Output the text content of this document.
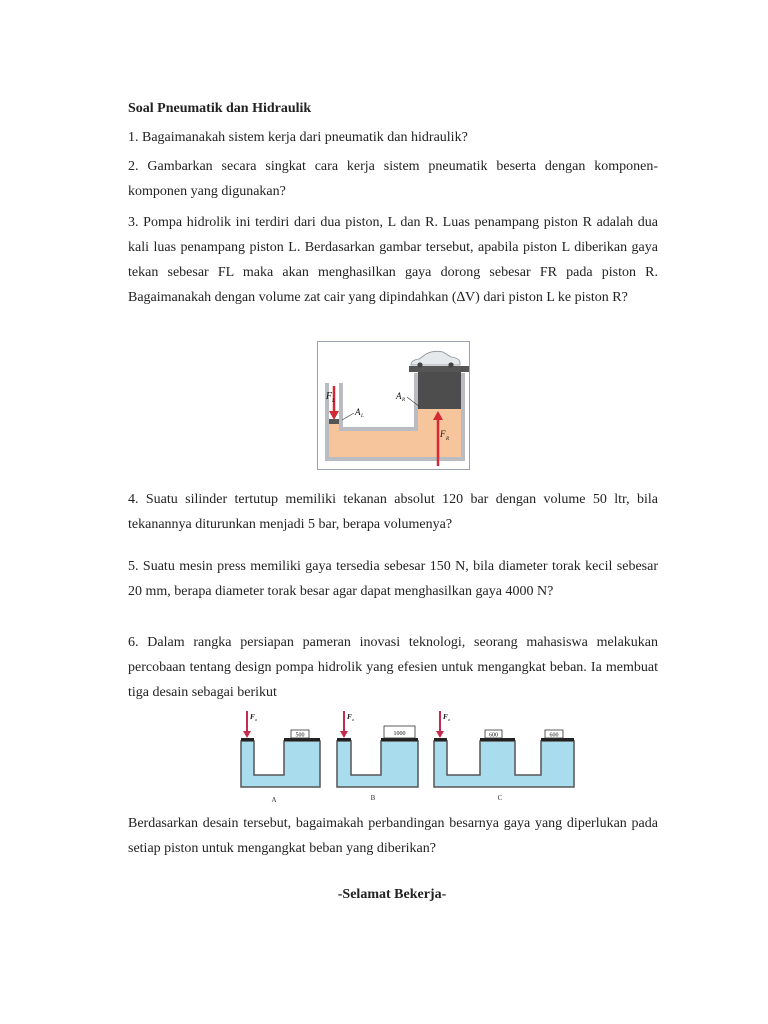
Soal Pneumatik dan Hidraulik
1. Bagaimanakah sistem kerja dari pneumatik dan hidraulik?
2. Gambarkan secara singkat cara kerja sistem pneumatik beserta dengan komponen-komponen yang digunakan?
3. Pompa hidrolik ini terdiri dari dua piston, L dan R. Luas penampang piston R adalah dua kali luas penampang piston L. Berdasarkan gambar tersebut, apabila piston L diberikan gaya tekan sebesar FL maka akan menghasilkan gaya dorong sebesar FR pada piston R. Bagaimanakah dengan volume zat cair yang dipindahkan (∆V) dari piston L ke piston R?
F L
A L
A R
F
R
4. Suatu silinder tertutup memiliki tekanan absolut 120 bar dengan volume 50 ltr, bila tekanannya diturunkan menjadi 5 bar, berapa volumenya?
5. Suatu mesin press memiliki gaya tersedia sebesar 150 N, bila diameter torak kecil sebesar 20 mm, berapa diameter torak besar agar dapat menghasilkan gaya 4000 N?
6. Dalam rangka persiapan pameran inovasi teknologi, seorang mahasiswa melakukan percobaan tentang design pompa hidrolik yang efesien untuk mengangkat beban. Ia membuat tiga desain sebagai berikut
500
F a
A
1000
F a
B
600	600
F a
C
Berdasarkan desain tersebut, bagaimakah perbandingan besarnya gaya yang diperlukan pada setiap piston untuk mengangkat beban yang diberikan?
-Selamat Bekerja-
